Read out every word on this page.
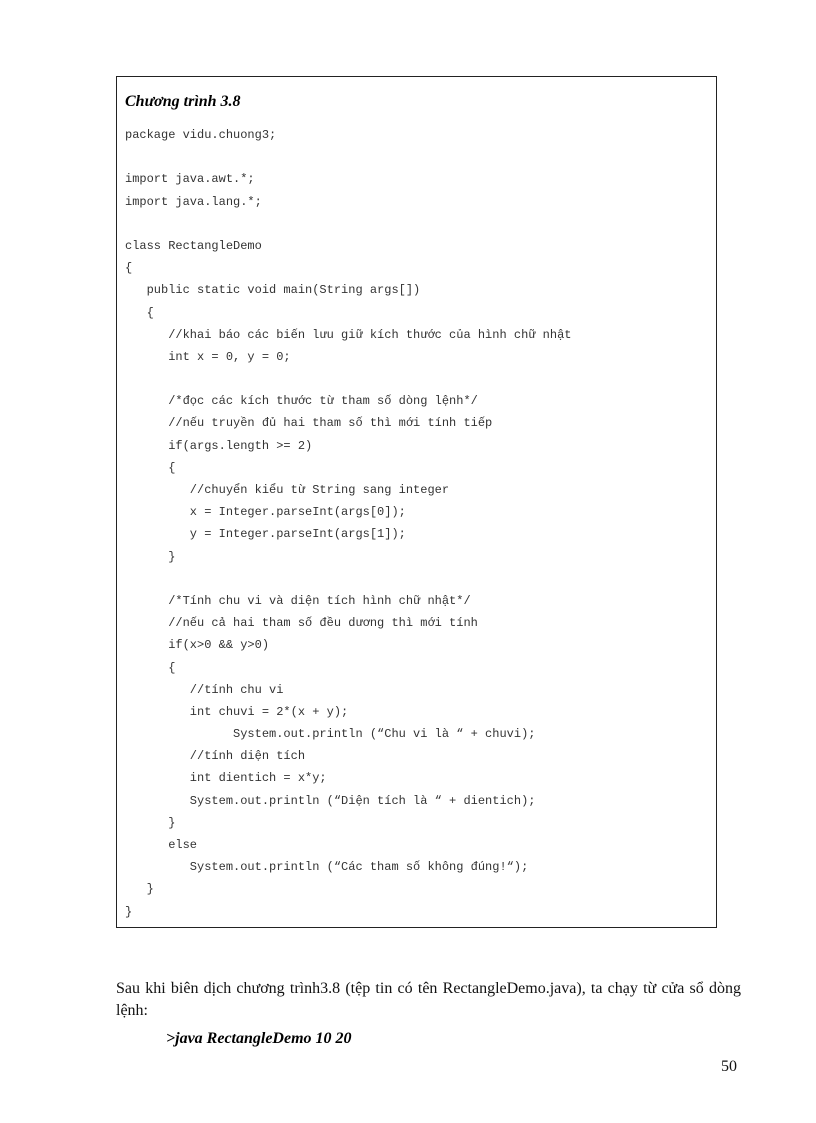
Chương trình 3.8
package vidu.chuong3;
import java.awt.*;
import java.lang.*;
class RectangleDemo
{
public static void main(String args[])
{
//khai báo các biến lưu giữ kích thước của hình chữ nhật
int x = 0, y = 0;
/*đọc các kích thước từ tham số dòng lệnh*/
//nếu truyền đủ hai tham số thì mới tính tiếp
if(args.length >= 2)
{
//chuyển kiểu từ String sang integer
x = Integer.parseInt(args[0]);
y = Integer.parseInt(args[1]);
}
/*Tính chu vi và diện tích hình chữ nhật*/
//nếu cả hai tham số đều dương thì mới tính
if(x>0 && y>0)
{
//tính chu vi
int chuvi = 2*(x + y);
System.out.println (“Chu vi là “ + chuvi);
//tính diện tích
int dientich = x*y;
System.out.println (“Diện tích là “ + dientich);
}
else
System.out.println (“Các tham số không đúng!“);
}
}
Sau khi biên dịch chương trình3.8 (tệp tin có tên RectangleDemo.java), ta chạy từ cửa sổ dòng lệnh:
>java RectangleDemo 10 20
50
